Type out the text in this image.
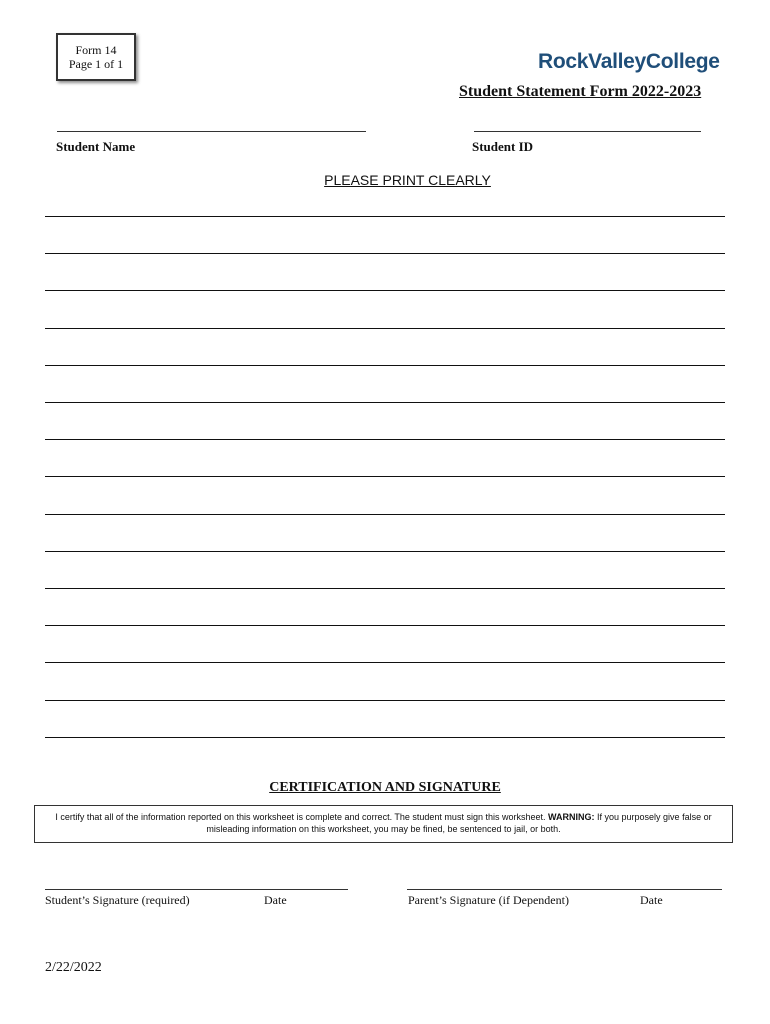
Form 14
Page 1 of 1	RockValleyCollege
Student Statement Form 2022-2023
Student Name	Student ID
PLEASE PRINT CLEARLY
CERTIFICATION AND SIGNATURE
I certify that all of the information reported on this worksheet is complete and correct. The student must sign this worksheet. WARNING: If you purposely give false or misleading information on this worksheet, you may be fined, be sentenced to jail, or both.
Student’s Signature (required)	Date	Parent’s Signature (if Dependent)	Date
2/22/2022
